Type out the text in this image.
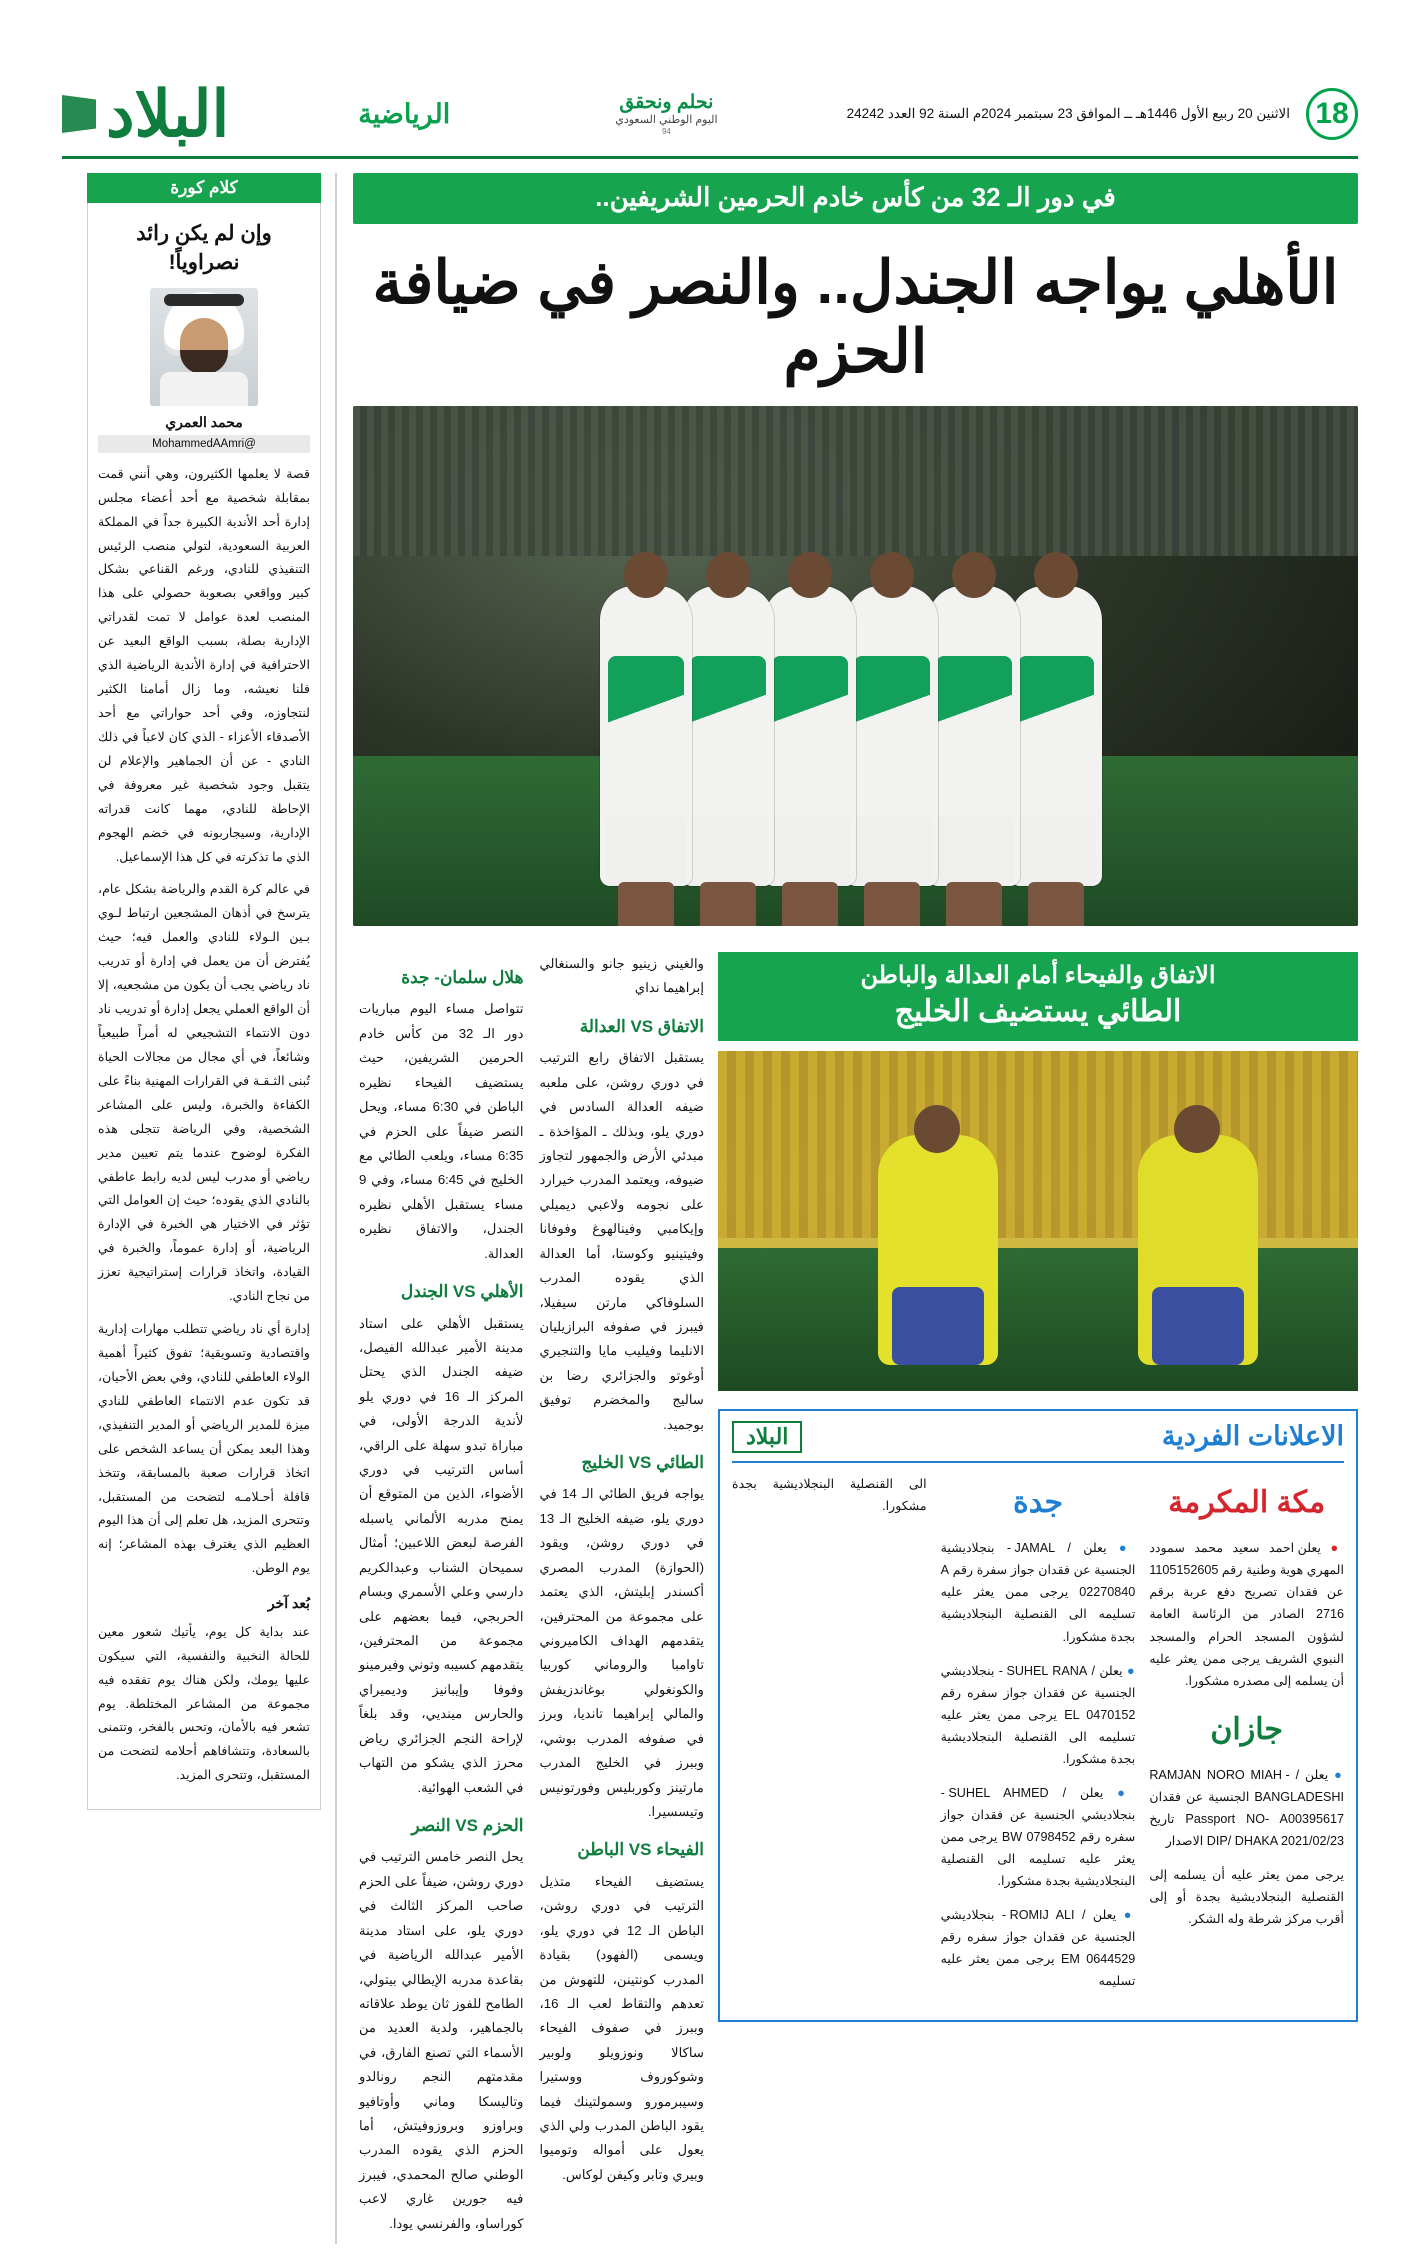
18
الاثنين 20 ربيع الأول 1446هـ ــ الموافق 23 سبتمبر 2024م السنة 92 العدد 24242
نحلم ونحقق
اليوم الوطني السعودي
94
الرياضية
البلاد
في دور الـ 32 من كأس خادم الحرمين الشريفين..
الأهلي يواجه الجندل.. والنصر في ضيافة الحزم
الاتفاق والفيحاء أمام العدالة والباطن
الطائي يستضيف الخليج
الاعلانات الفردية
البلاد
مكة المكرمة
● يعلن احمد سعيد محمد سمودد المهري هوية وطنية رقم 1105152605 عن فقدان تصريح دفع عربة برقم 2716 الصادر من الرئاسة العامة لشؤون المسجد الحرام والمسجد النبوي الشريف يرجى ممن يعثر عليه أن يسلمه إلى مصدره مشكورا.
جازان
● يعلن / RAMJAN NORO MIAH -BANGLADESHI الجنسية عن فقدان Passport NO- A00395617 تاريخ DIP/ DHAKA 2021/02/23 الاصدار
يرجى ممن يعثر عليه أن يسلمه إلى القنصلية البنجلاديشية بجدة أو إلى أقرب مركز شرطة وله الشكر.
جدة
● يعلن / JAMAL - بنجلاديشية الجنسية عن فقدان جواز سفرة رقم A 02270840 يرجى ممن يعثر عليه تسليمه الى القنصلية البنجلاديشية بجدة مشكورا.
● يعلن / SUHEL RANA - بنجلاديشي الجنسية عن فقدان جواز سفره رقم EL 0470152 يرجى ممن يعثر عليه تسليمه الى القنصلية البنجلاديشية بجدة مشكورا.
● يعلن / SUHEL AHMED - بنجلاديشي الجنسية عن فقدان جواز سفره رقم BW 0798452 يرجى ممن يعثر عليه تسليمه الى القنصلية البنجلاديشية بجدة مشكورا.
● يعلن / ROMIJ ALI - بنجلاديشي الجنسية عن فقدان جواز سفره رقم EM 0644529 يرجى ممن يعثر عليه تسليمه
الى القنصلية البنجلاديشية بجدة مشكورا.

والغيني زينيو جانو والسنغالي إبراهيما نداي

الاتفاق VS العدالة

يستقبل الاتفاق رابع الترتيب في دوري روشن، على ملعبه ضيفه العدالة السادس في دوري يلو، وبذلك ـ المؤاخذة ـ مبدئي الأرض والجمهور لتجاوز ضيوفه، ويعتمد المدرب خيرارد على نجومه ولاعبي ديميلي وإيكامبي وفينالهوغ وفوفانا وفيتينيو وكوستا، أما العدالة الذي يقوده المدرب السلوفاكي مارتن سيفيلا، فيبرز في صفوفه البرازيليان الانليما وفيليب مايا والتنجيري أوغوتو والجزائري رضا بن ساليج والمخضرم توفيق بوجميد.

الطائي VS الخليج

يواجه فريق الطائي الـ 14 في دوري يلو، ضيفه الخليج الـ 13 في دوري روشن، ويقود (الحوازة) المدرب المصري أكسندر إبليتش، الذي يعتمد على مجموعة من المحترفين، يتقدمهم الهداف الكاميروني تاوامبا والروماني كوربيا والكونغولي بوغاندزيفش والمالي إبراهيما تانديا، وبرز في صفوفه المدرب بوشي، وببرز في الخليج المدرب مارتينز وكوربليس وفورتونيس وتيسسيرا.

الفيحاء VS الباطن

يستضيف الفيحاء متذيل الترتيب في دوري روشن، الباطن الـ 12 في دوري يلو، ويسمى (الفهود) بقيادة المدرب كونتينن، للتهوش من تعدهم والتقاط لعب الـ 16، وببرز في صفوف الفيحاء ساكالا ونوزويلو ولوبير وشوكوروف ووستيرا وسيبرمورو وسمولتينك فيما يقود الباطن المدرب ولي الذي يعول على أمواله وتوميوا وبيري وتابر وكيفن لوكاس.

هلال سلمان- جدة

تتواصل مساء اليوم مباريات دور الـ 32 من كأس خادم الحرمين الشريفين، حيث يستضيف الفيحاء نظيره الباطن في 6:30 مساء، ويحل النصر ضيفاً على الحزم في 6:35 مساء، ويلعب الطائي مع الخليج في 6:45 مساء، وفي 9 مساء يستقبل الأهلي نظيره الجندل، والاتفاق نظيره العدالة.

الأهلي VS الجندل

يستقبل الأهلي على استاد مدينة الأمير عبدالله الفيصل، ضيفه الجندل الذي يحتل المركز الـ 16 في دوري يلو لأندية الدرجة الأولى، في مباراة تبدو سهلة على الراقي، أساس الترتيب في دوري الأضواء، الذين من المتوقع أن يمنح مدربه الألماني ياسبله الفرصة لبعض اللاعبين؛ أمثال سميحان الشناب وعبدالكريم دارسي وعلي الأسمري وبسام الحربجي، فيما بعضهم على مجموعة من المحترفين، يتقدمهم كسيبه وتوني وفيرمينو وفوفا وإيبانيز وديميراي والحارس مينديي، وقد بلغاً لإراحة النجم الجزائري رياض محرز الذي يشكو من التهاب في الشعب الهوائية.

الحزم VS النصر

يحل النصر خامس الترتيب في دوري روشن، ضيفاً على الحزم صاحب المركز الثالث في دوري يلو، على استاد مدينة الأمير عبدالله الرياضية في بقاعدة مدربه الإيطالي بيتولي، الطامح للفوز ثان يوطد علاقاته بالجماهير، ولدية العديد من الأسماء التي تصنع الفارق، في مقدمتهم النجم رونالدو وتاليسكا وماني وأوتافيو وبراوزو وبروزوفيتش، أما الحزم الذي يقوده المدرب الوطني صالح المحمدي، فيبرز فيه جورين غاري لاعب كوراساو، والفرنسي يودا.

كلام كورة
وإن لم يكن رائد نصراوياً!
محمد العمري
MohammedAAmri@

قصة لا يعلمها الكثيرون، وهي أنني قمت بمقابلة شخصية مع أحد أعضاء مجلس إدارة أحد الأندية الكبيرة جداً في المملكة العربية السعودية، لتولي منصب الرئيس التنفيذي للنادي، ورغم القناعي بشكل كبير وواقعي بصعوبة حصولي على هذا المنصب لعدة عوامل لا تمت لقدراتي الإدارية بصلة، بسبب الواقع البعيد عن الاحترافية في إدارة الأندية الرياضية الذي فلنا نعيشه، وما زال أمامنا الكثير لنتجاوزه، وفي أحد حواراتي مع أحد الأصدقاء الأعزاء - الذي كان لاعباً في ذلك النادي - عن أن الجماهير والإعلام لن يتقبل وجود شخصية غير معروفة في الإحاطة للنادي، مهما كانت قدراته الإدارية، وسيجاربونه في خضم الهجوم الذي ما تذكرته في كل هذا الإسماعيل.

في عالم كرة القدم والرياضة بشكل عام، يترسخ في أذهان المشجعين ارتباط لـوي بـين الـولاء للنادي والعمل فيه؛ حيث يُفترض أن من يعمل في إدارة أو تدريب ناد رياضي يجب أن يكون من مشجعيه، إلا أن الواقع العملي يجعل إدارة أو تدريب ناد دون الانتماء التشجيعي له أمراً طبيعياً وشائعاً، في أي مجال من مجالات الحياة تُبنى الثـقـة في القرارات المهنية بناءً على الكفاءة والخبرة، وليس على المشاعر الشخصية، وفي الرياضة تتجلى هذه الفكرة لوضوح عندما يتم تعيين مدير رياضي أو مدرب ليس لديه رابط عاطفي بالنادي الذي يقوده؛ حيث إن العوامل التي تؤثر في الاختيار هي الخبرة في الإدارة الرياضية، أو إدارة عموماً، والخبرة في القيادة، واتخاذ قرارات إستراتيجية تعزز من نجاح النادي.

إدارة أي ناد رياضي تتطلب مهارات إدارية واقتصادية وتسويقية؛ تفوق كثيراً أهمية الولاء العاطفي للنادي، وفي بعض الأحيان، قد تكون عدم الانتماء العاطفي للنادي ميزة للمدير الرياضي أو المدير التنفيذي، وهذا البعد يمكن أن يساعد الشخص على اتخاذ قرارات صعبة بالمسابقة، وتتخذ قافلة أحـلامـه لتضحت من المستقبل، وتتحرى المزيد، هل تعلم إلى أن هذا اليوم العظيم الذي يغترف بهذه المشاعر؛ إنه يوم الوطن.

بُعد آخر

عند بداية كل يوم، يأتيك شعور معين للحالة النخبية والنفسية، التي سيكون عليها يومك، ولكن هناك يوم تفقده فيه مجموعة من المشاعر المختلطة. يوم تشعر فيه بالأمان، وتحس بالفخر، وتتمنى بالسعادة، وتتشافاهم أحلامه لتضحت من المستقبل، وتتحرى المزيد.
